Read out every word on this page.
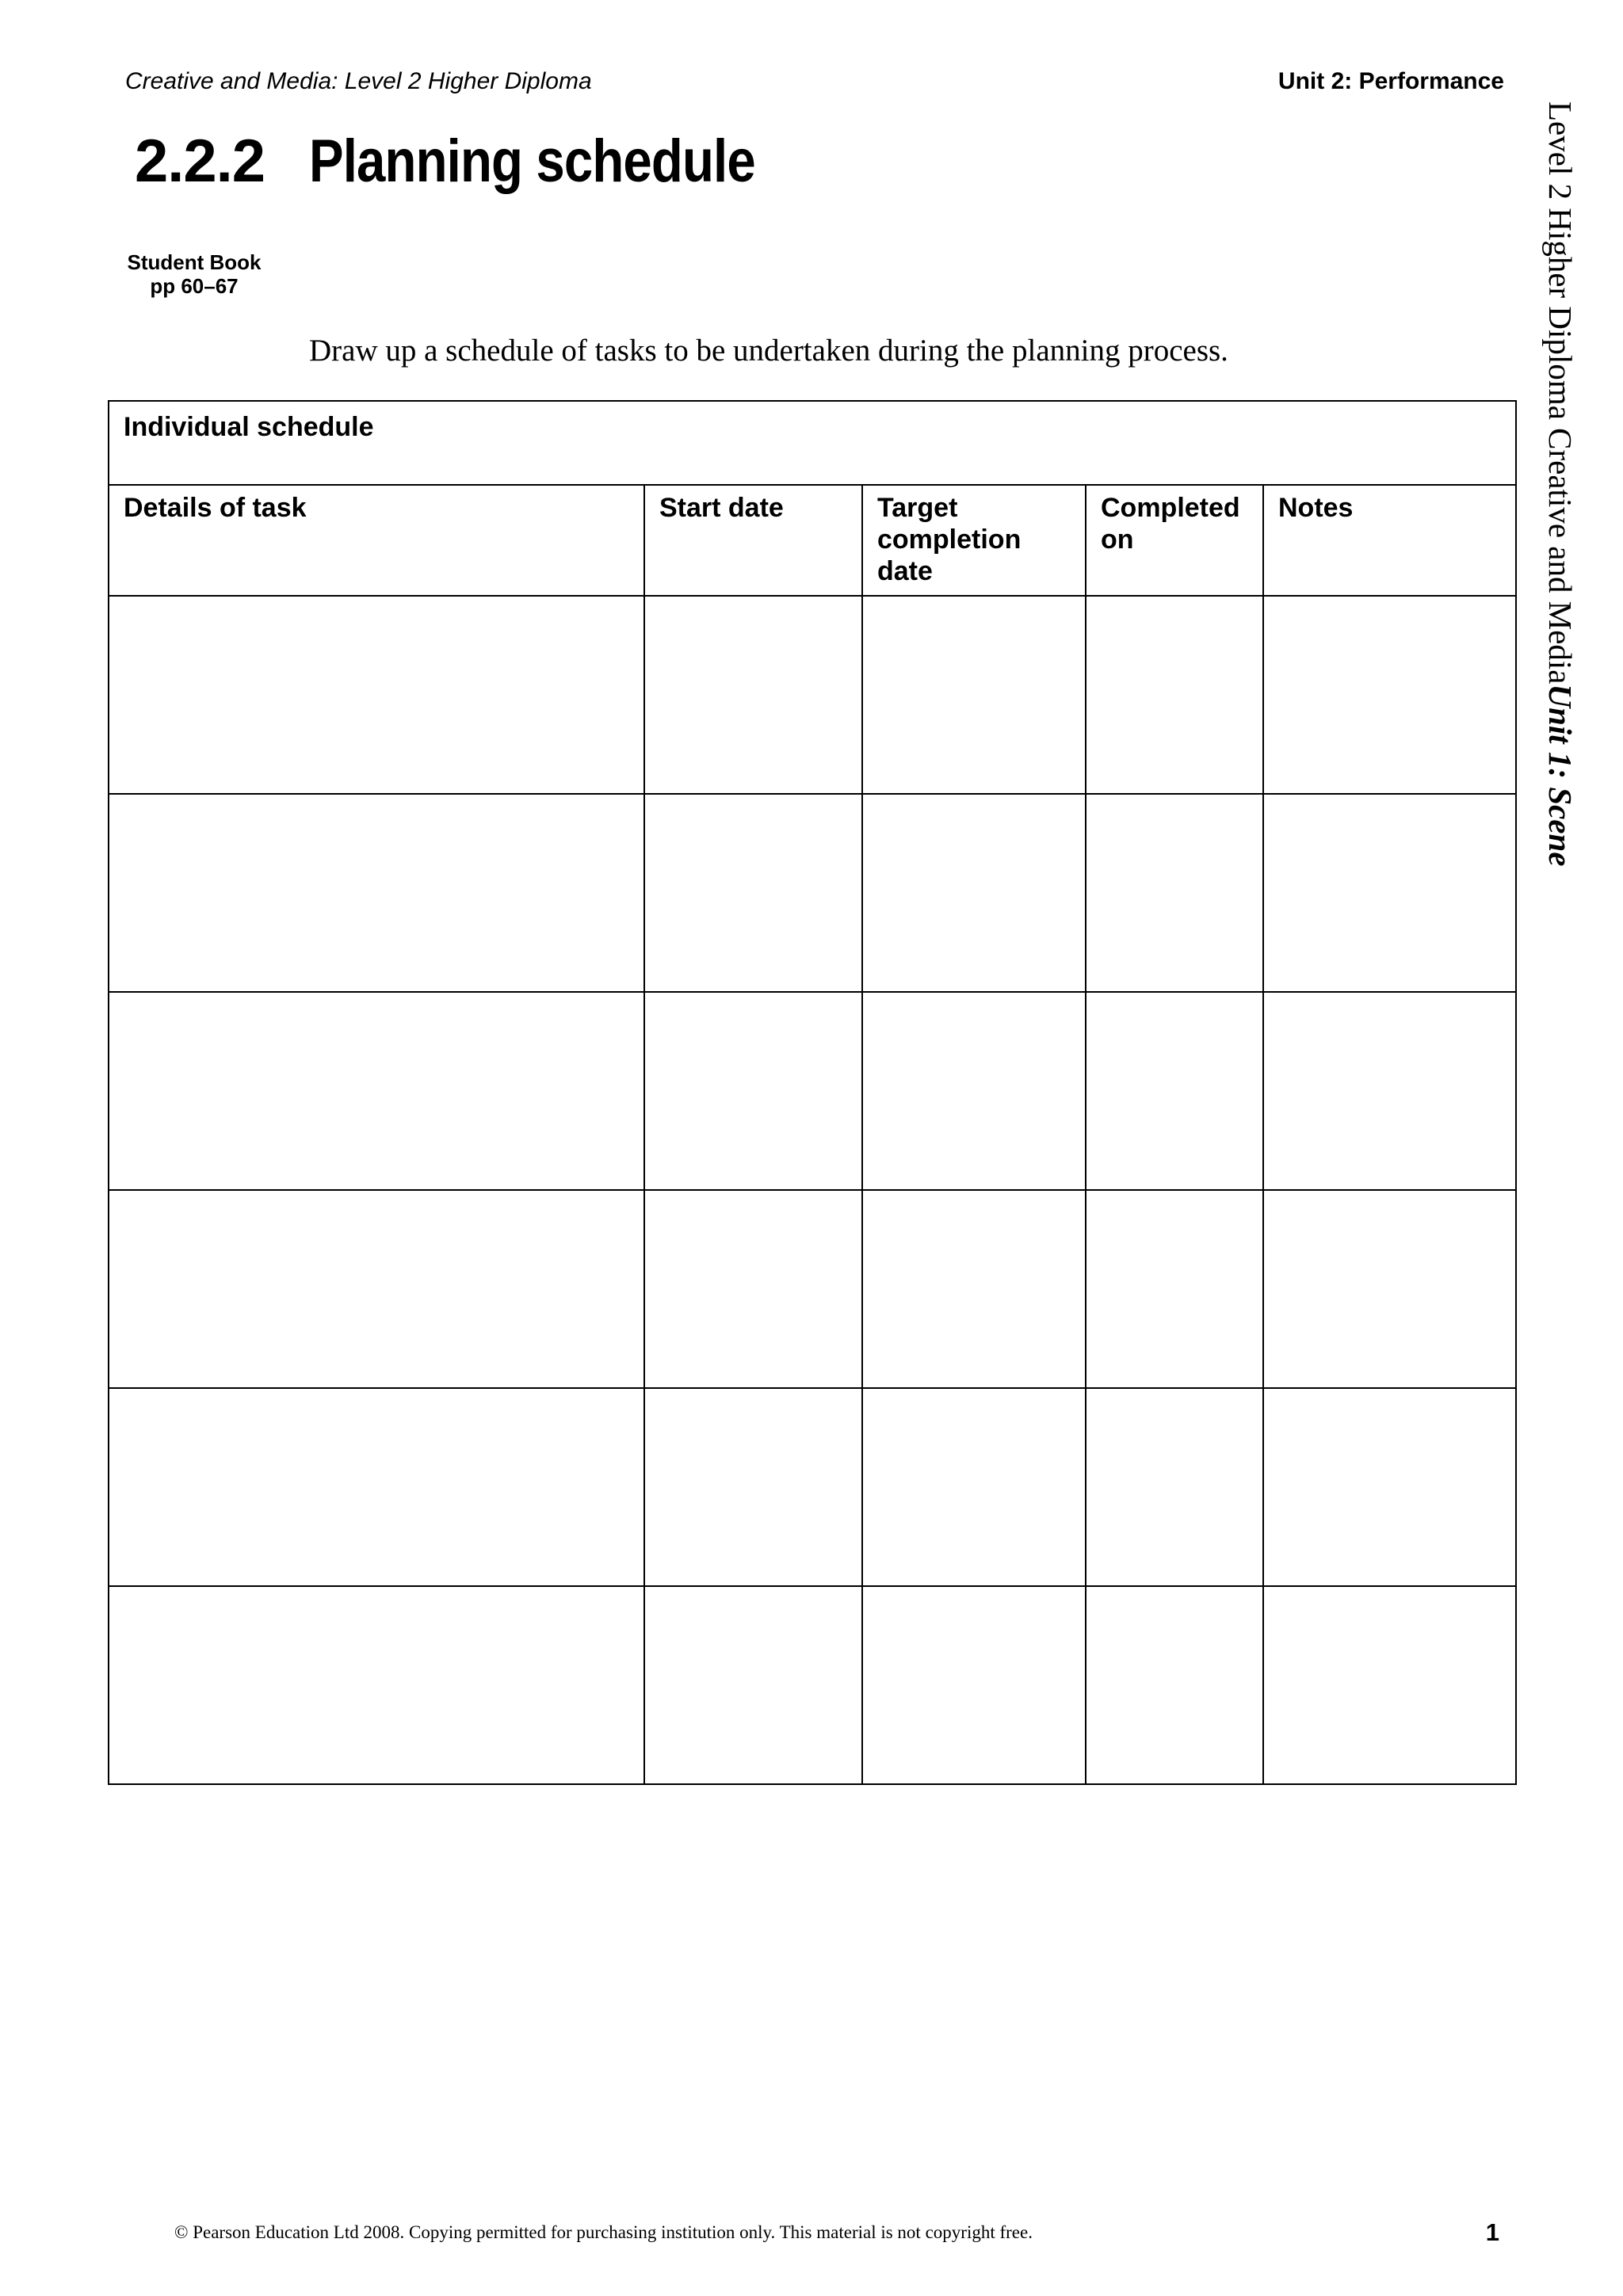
Creative and Media: Level 2 Higher Diploma	Unit 2: Performance
2.2.2 Planning schedule
Student Book
pp 60–67
Draw up a schedule of tasks to be undertaken during the planning process.
Individual schedule				
Details of task	Start date	Target completion date	Completed on	Notes

					Level 2 Higher Diploma Creative and MediaUnit 1: Scene
© Pearson Education Ltd 2008. Copying permitted for purchasing institution only. This material is not copyright free.	1
